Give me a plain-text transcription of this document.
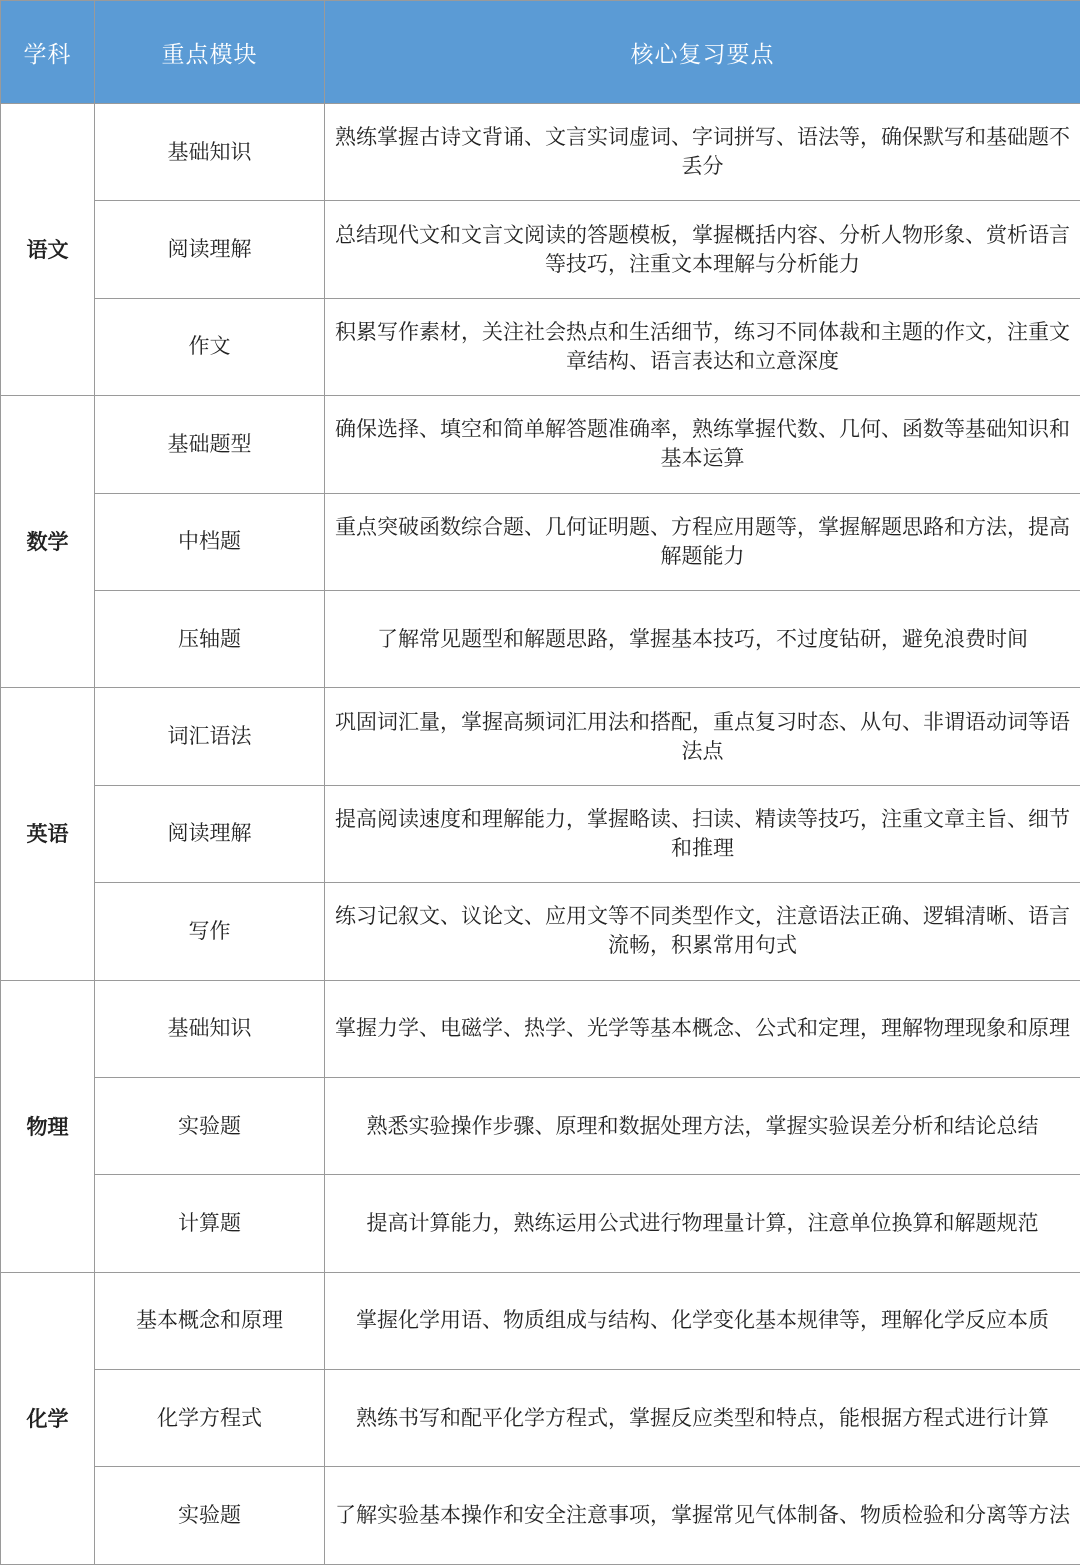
学科	重点模块	核心复习要点
语文	基础知识	熟练掌握古诗文背诵、文言实词虚词、字词拼写、语法等，确保默写和基础题不丢分
	阅读理解	总结现代文和文言文阅读的答题模板，掌握概括内容、分析人物形象、赏析语言等技巧，注重文本理解与分析能力
	作文	积累写作素材，关注社会热点和生活细节，练习不同体裁和主题的作文，注重文章结构、语言表达和立意深度
数学	基础题型	确保选择、填空和简单解答题准确率，熟练掌握代数、几何、函数等基础知识和基本运算
	中档题	重点突破函数综合题、几何证明题、方程应用题等，掌握解题思路和方法，提高解题能力
	压轴题	了解常见题型和解题思路，掌握基本技巧，不过度钻研，避免浪费时间
英语	词汇语法	巩固词汇量，掌握高频词汇用法和搭配，重点复习时态、从句、非谓语动词等语法点
	阅读理解	提高阅读速度和理解能力，掌握略读、扫读、精读等技巧，注重文章主旨、细节和推理
	写作	练习记叙文、议论文、应用文等不同类型作文，注意语法正确、逻辑清晰、语言流畅，积累常用句式
物理	基础知识	掌握力学、电磁学、热学、光学等基本概念、公式和定理，理解物理现象和原理
	实验题	熟悉实验操作步骤、原理和数据处理方法，掌握实验误差分析和结论总结
	计算题	提高计算能力，熟练运用公式进行物理量计算，注意单位换算和解题规范
化学	基本概念和原理	掌握化学用语、物质组成与结构、化学变化基本规律等，理解化学反应本质
	化学方程式	熟练书写和配平化学方程式，掌握反应类型和特点，能根据方程式进行计算
	实验题	了解实验基本操作和安全注意事项，掌握常见气体制备、物质检验和分离等方法
